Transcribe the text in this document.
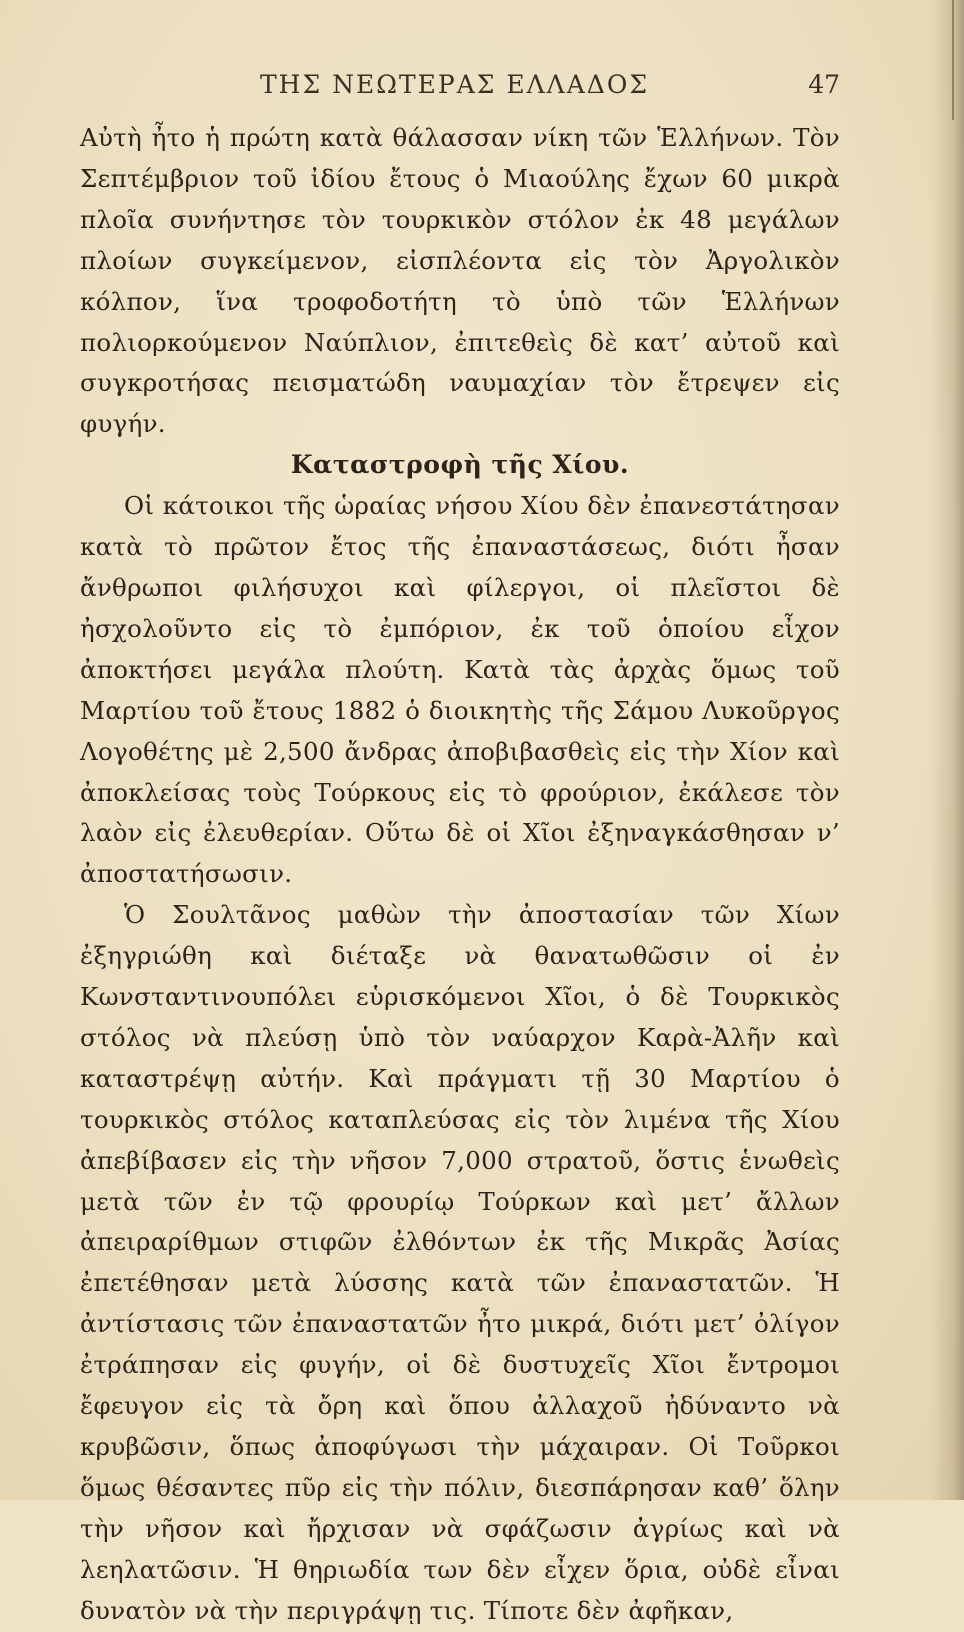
ΤΗΣ ΝΕΩΤΕΡΑΣ ΕΛΛΑΔΟΣ	47

Αὐτὴ ἦτο ἡ πρώτη κατὰ θάλασσαν νίκη τῶν Ἑλλήνων. Τὸν Σεπτέμβριον τοῦ ἰδίου ἔτους ὁ Μιαούλης ἔχων 60 μικρὰ πλοῖα συνήντησε τὸν τουρκικὸν στόλον ἐκ 48 μεγάλων πλοίων συγκείμενον, εἰσπλέοντα εἰς τὸν Ἀργολικὸν κόλπον, ἵνα τροφοδοτήτη τὸ ὑπὸ τῶν Ἑλλήνων πολιορκούμενον Ναύπλιον, ἐπιτεθεὶς δὲ κατ’ αὐτοῦ καὶ συγκροτήσας πεισματώδη ναυμαχίαν τὸν ἔτρεψεν εἰς φυγήν.

Καταστροφὴ τῆς Χίου.

Οἱ κάτοικοι τῆς ὡραίας νήσου Χίου δὲν ἐπανεστάτησαν κατὰ τὸ πρῶτον ἔτος τῆς ἐπαναστάσεως, διότι ἦσαν ἄνθρωποι φιλήσυχοι καὶ φίλεργοι, οἱ πλεῖστοι δὲ ἠσχολοῦντο εἰς τὸ ἐμπόριον, ἐκ τοῦ ὁποίου εἶχον ἀποκτήσει μεγάλα πλούτη. Κατὰ τὰς ἀρχὰς ὅμως τοῦ Μαρτίου τοῦ ἔτους 1882 ὁ διοικητὴς τῆς Σάμου Λυκοῦργος Λογοθέτης μὲ 2,500 ἄνδρας ἀποβιβασθεὶς εἰς τὴν Χίον καὶ ἀποκλείσας τοὺς Τούρκους εἰς τὸ φρούριον, ἐκάλεσε τὸν λαὸν εἰς ἐλευθερίαν. Οὕτω δὲ οἱ Χῖοι ἐξηναγκάσθησαν ν’ ἀποστατήσωσιν.

Ὁ Σουλτᾶνος μαθὼν τὴν ἀποστασίαν τῶν Χίων ἐξηγριώθη καὶ διέταξε νὰ θανατωθῶσιν οἱ ἐν Κωνσταντινουπόλει εὑρισκόμενοι Χῖοι, ὁ δὲ Τουρκικὸς στόλος νὰ πλεύσῃ ὑπὸ τὸν ναύαρχον Καρὰ-Ἀλῆν καὶ καταστρέψῃ αὐτήν. Καὶ πράγματι τῇ 30 Μαρτίου ὁ τουρκικὸς στόλος καταπλεύσας εἰς τὸν λιμένα τῆς Χίου ἀπεβίβασεν εἰς τὴν νῆσον 7,000 στρατοῦ, ὅστις ἑνωθεὶς μετὰ τῶν ἐν τῷ φρουρίῳ Τούρκων καὶ μετ’ ἄλλων ἀπειραρίθμων στιφῶν ἐλθόντων ἐκ τῆς Μικρᾶς Ἀσίας ἐπετέθησαν μετὰ λύσσης κατὰ τῶν ἐπαναστατῶν. Ἡ ἀντίστασις τῶν ἐπαναστατῶν ἦτο μικρά, διότι μετ’ ὀλίγον ἐτράπησαν εἰς φυγήν, οἱ δὲ δυστυχεῖς Χῖοι ἔντρομοι ἔφευγον εἰς τὰ ὄρη καὶ ὅπου ἀλλαχοῦ ἠδύναντο νὰ κρυβῶσιν, ὅπως ἀποφύγωσι τὴν μάχαιραν. Οἱ Τοῦρκοι ὅμως θέσαντες πῦρ εἰς τὴν πόλιν, διεσπάρησαν καθ’ ὅλην τὴν νῆσον καὶ ἤρχισαν νὰ σφάζωσιν ἀγρίως καὶ νὰ λεηλατῶσιν. Ἡ θηριωδία των δὲν εἶχεν ὅρια, οὐδὲ εἶναι δυνατὸν νὰ τὴν περιγράψῃ τις. Τίποτε δὲν ἀφῆκαν,
